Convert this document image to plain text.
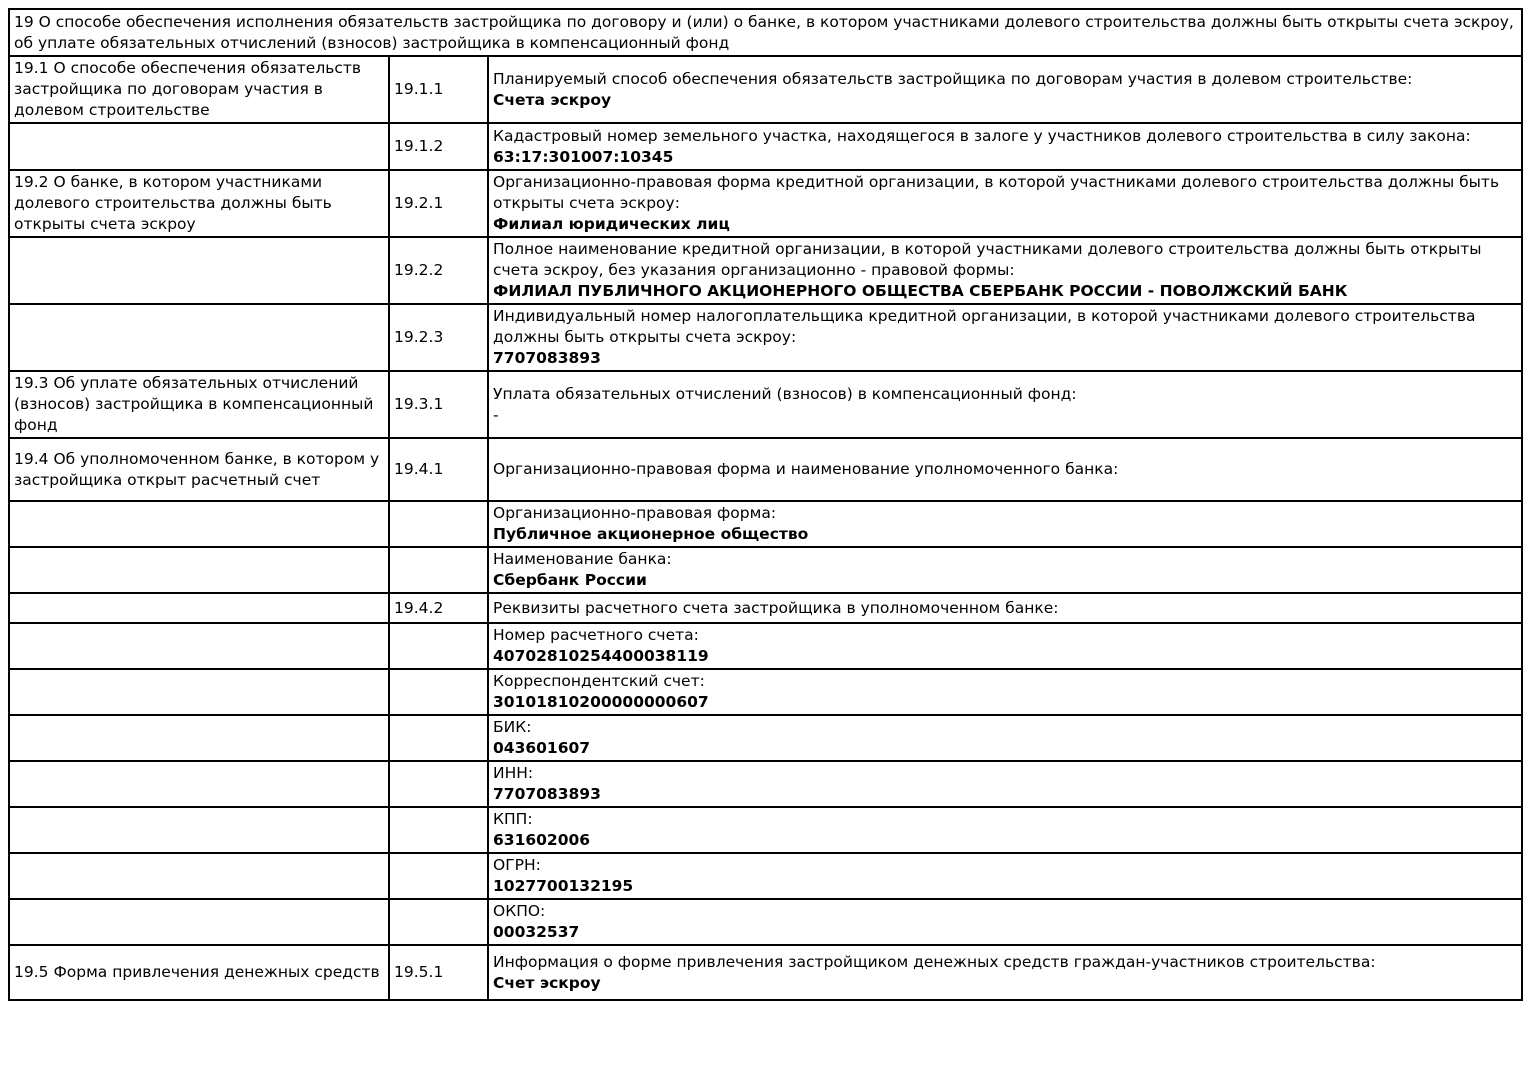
19 О способе обеспечения исполнения обязательств застройщика по договору и (или) о банке, в котором участниками долевого строительства должны быть открыты счета эскроу, об уплате обязательных отчислений (взносов) застройщика в компенсационный фонд		
19.1 О способе обеспечения обязательств застройщика по договорам участия в долевом строительстве	19.1.1	Планируемый способ обеспечения обязательств застройщика по договорам участия в долевом строительстве:
Счета эскроу

	19.1.2	Кадастровый номер земельного участка, находящегося в залоге у участников долевого строительства в силу закона:
63:17:301007:10345

19.2 О банке, в котором участниками долевого строительства должны быть открыты счета эскроу	19.2.1	Организационно-правовая форма кредитной организации, в которой участниками долевого строительства должны быть открыты счета эскроу:
Филиал юридических лиц

	19.2.2	Полное наименование кредитной организации, в которой участниками долевого строительства должны быть открыты счета эскроу, без указания организационно - правовой формы:
ФИЛИАЛ ПУБЛИЧНОГО АКЦИОНЕРНОГО ОБЩЕСТВА СБЕРБАНК РОССИИ - ПОВОЛЖСКИЙ БАНК

	19.2.3	Индивидуальный номер налогоплательщика кредитной организации, в которой участниками долевого строительства должны быть открыты счета эскроу:
7707083893

19.3 Об уплате обязательных отчислений (взносов) застройщика в компенсационный фонд	19.3.1	Уплата обязательных отчислений (взносов) в компенсационный фонд:
-

19.4 Об уполномоченном банке, в котором у застройщика открыт расчетный счет	19.4.1	Организационно-правовая форма и наименование уполномоченного банка:

		Организационно-правовая форма:
Публичное акционерное общество

		Наименование банка:
Сбербанк России

	19.4.2	Реквизиты расчетного счета застройщика в уполномоченном банке:

		Номер расчетного счета:
40702810254400038119

		Корреспондентский счет:
30101810200000000607

		БИК:
043601607

		ИНН:
7707083893

		КПП:
631602006

		ОГРН:
1027700132195

		ОКПО:
00032537

19.5 Форма привлечения денежных средств	19.5.1	Информация о форме привлечения застройщиком денежных средств граждан-участников строительства:
Счет эскроу
